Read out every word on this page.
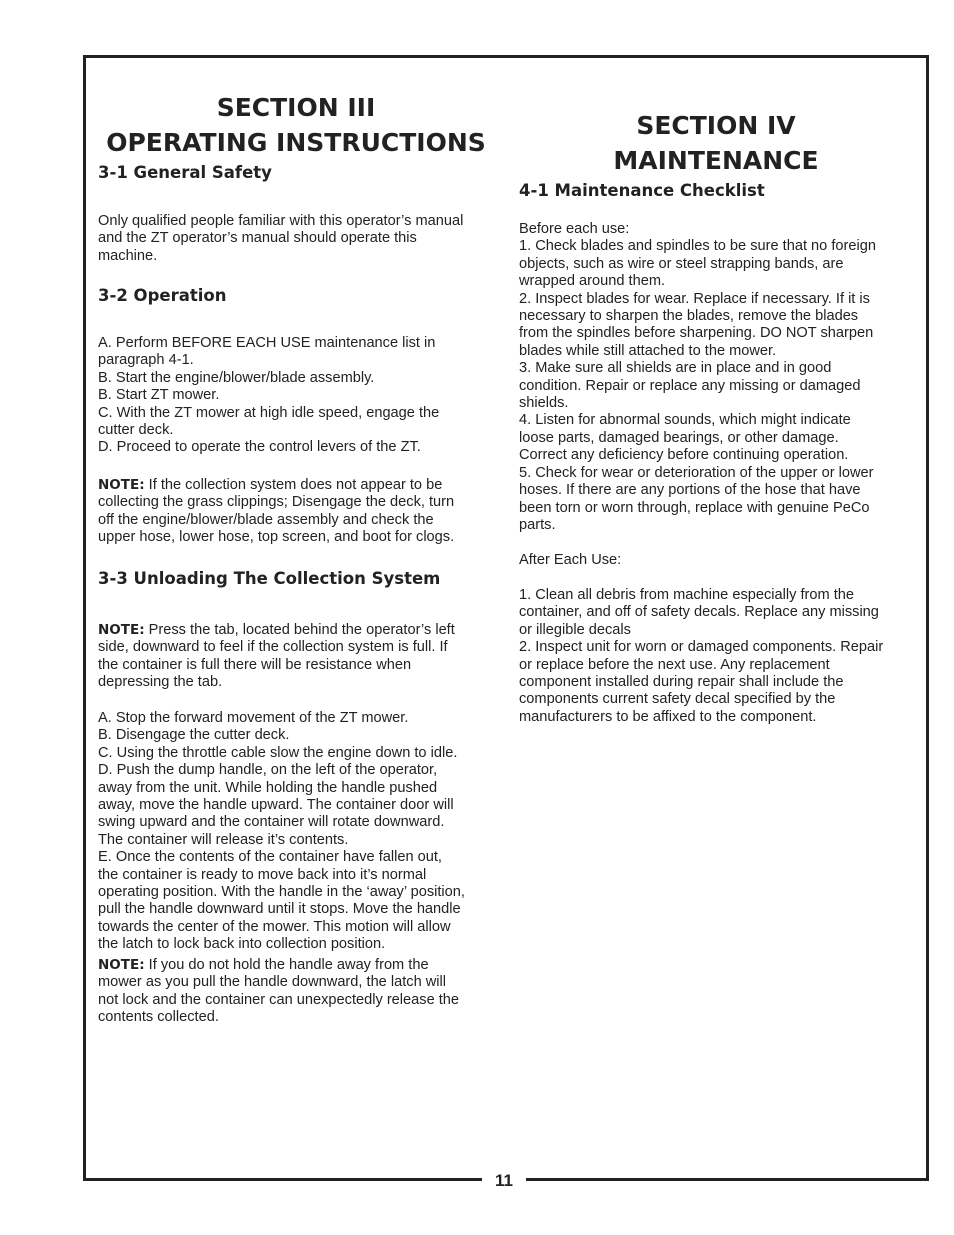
11
SECTION III
OPERATING INSTRUCTIONS
3-1 General Safety
Only qualified people familiar with this operator’s manual
and the ZT operator’s manual should operate this
machine.
3-2 Operation
A. Perform BEFORE EACH USE maintenance list in
paragraph 4-1.
B. Start the engine/blower/blade assembly.
B. Start ZT mower.
C. With the ZT mower at high idle speed, engage the
cutter deck.
D. Proceed to operate the control levers of the ZT.
NOTE: If the collection system does not appear to be
collecting the grass clippings; Disengage the deck, turn
off the engine/blower/blade assembly and check the
upper hose, lower hose, top screen, and boot for clogs.
3-3 Unloading The Collection System
NOTE: Press the tab, located behind the operator’s left
side, downward to feel if the collection system is full. If
the container is full there will be resistance when
depressing the tab.
A. Stop the forward movement of the ZT mower.
B. Disengage the cutter deck.
C. Using the throttle cable slow the engine down to idle.
D. Push the dump handle, on the left of the operator,
away from the unit. While holding the handle pushed
away, move the handle upward. The container door will
swing upward and the container will rotate downward.
The container will release it’s contents.
E. Once the contents of the container have fallen out,
the container is ready to move back into it’s normal
operating position. With the handle in the ‘away’ position,
pull the handle downward until it stops. Move the handle
towards the center of the mower. This motion will allow
the latch to lock back into collection position.
NOTE: If you do not hold the handle away from the
mower as you pull the handle downward, the latch will
not lock and the container can unexpectedly release the
contents collected.
SECTION IV
MAINTENANCE
4-1 Maintenance Checklist
Before each use:
1. Check blades and spindles to be sure that no foreign
objects, such as wire or steel strapping bands, are
wrapped around them.
2. Inspect blades for wear. Replace if necessary. If it is
necessary to sharpen the blades, remove the blades
from the spindles before sharpening. DO NOT sharpen
blades while still attached to the mower.
3. Make sure all shields are in place and in good
condition. Repair or replace any missing or damaged
shields.
4. Listen for abnormal sounds, which might indicate
loose parts, damaged bearings, or other damage.
Correct any deficiency before continuing operation.
5. Check for wear or deterioration of the upper or lower
hoses. If there are any portions of the hose that have
been torn or worn through, replace with genuine PeCo
parts.
After Each Use:
1. Clean all debris from machine especially from the
container, and off of safety decals. Replace any missing
or illegible decals
2. Inspect unit for worn or damaged components. Repair
or replace before the next use. Any replacement
component installed during repair shall include the
components current safety decal specified by the
manufacturers to be affixed to the component.
